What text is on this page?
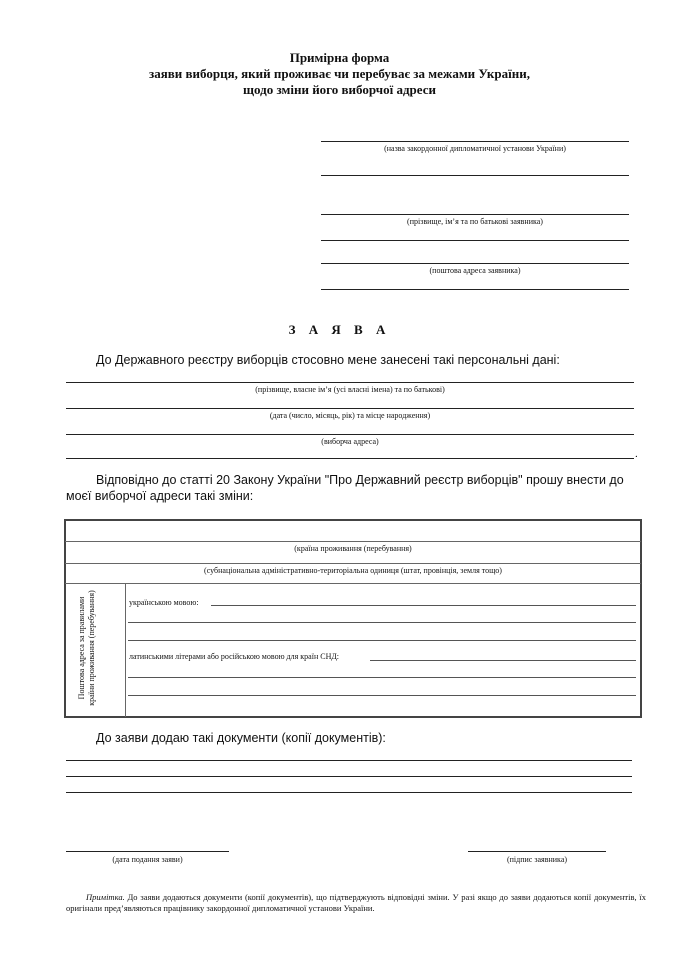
Примірна форма
заяви виборця, який проживає чи перебуває за межами України,
щодо зміни його виборчої адреси
(назва закордонної дипломатичної установи України)
(прізвище, ім’я та по батькові заявника)
(поштова адреса заявника)
З А Я В А
До Державного реєстру виборців стосовно мене занесені такі персональні дані:
(прізвище, власне ім’я (усі власні імена) та по батькові)
(дата (число, місяць, рік) та місце народження)
(виборча адреса)
.
Відповідно до статті 20 Закону України "Про Державний реєстр виборців" прошу внести до
моєї виборчої адреси такі зміни:
(країна проживання (перебування)
(субнаціональна адміністративно-територіальна одиниця (штат, провінція, земля тощо)
Поштова адреса за правилами країни проживання (перебування)	українською мовою:
латинськими літерами або російською мовою для країн СНД:
До заяви додаю такі документи (копії документів):
(дата подання заяви)	(підпис заявника)
Примітка. До заяви додаються документи (копії документів), що підтверджують відповідні зміни. У разі якщо до заяви додаються копії документів, їх оригінали пред’являються працівнику закордонної дипломатичної установи України.
